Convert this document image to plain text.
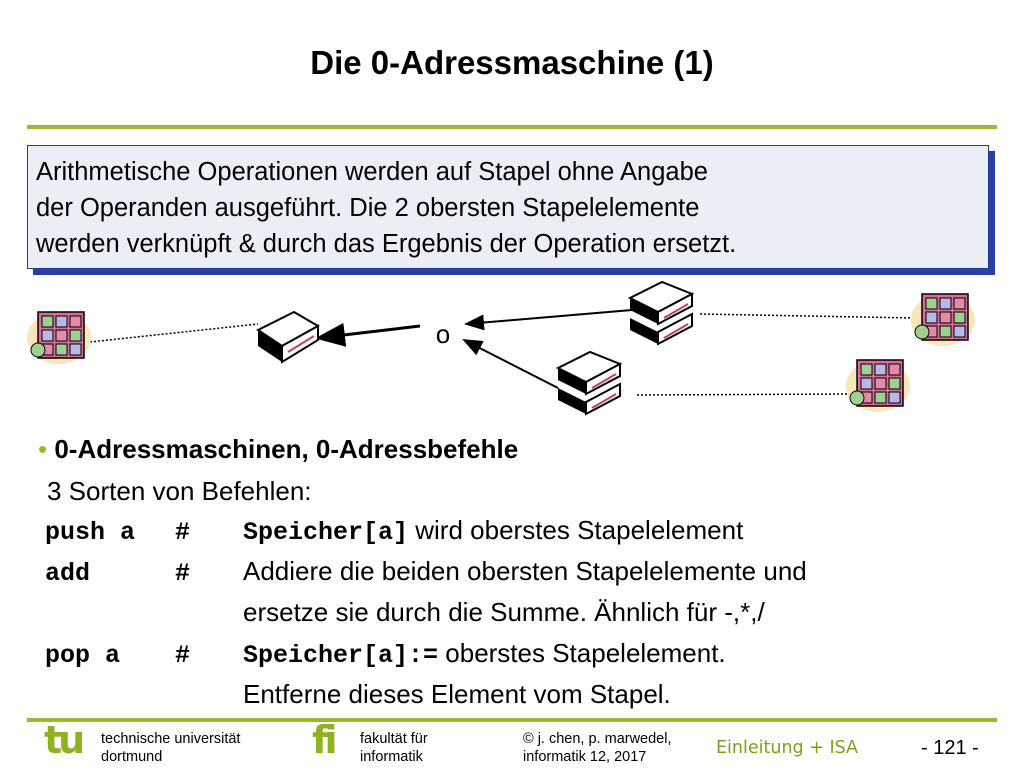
Die 0-Adressmaschine (1)

Arithmetische Operationen werden auf Stapel ohne Angabe

der Operanden ausgeführt. Die 2 obersten Stapelelemente

werden verknüpft & durch das Ergebnis der Operation ersetzt.

o
• 0-Adressmaschinen, 0-Adressbefehle
3 Sorten von Befehlen:
push a # Speicher[a] wird oberstes Stapelelement
add	# Addiere die beiden obersten Stapelelemente und
ersetze sie durch die Summe. Ähnlich für -,*,/
pop a # Speicher[a]:= oberstes Stapelelement.
Entferne dieses Element vom Stapel.
tu technische universität
dortmund	fi fakultät für
informatik
© j. chen, p. marwedel,
informatik 12, 2017	Einleitung + ISA	- 121 -
